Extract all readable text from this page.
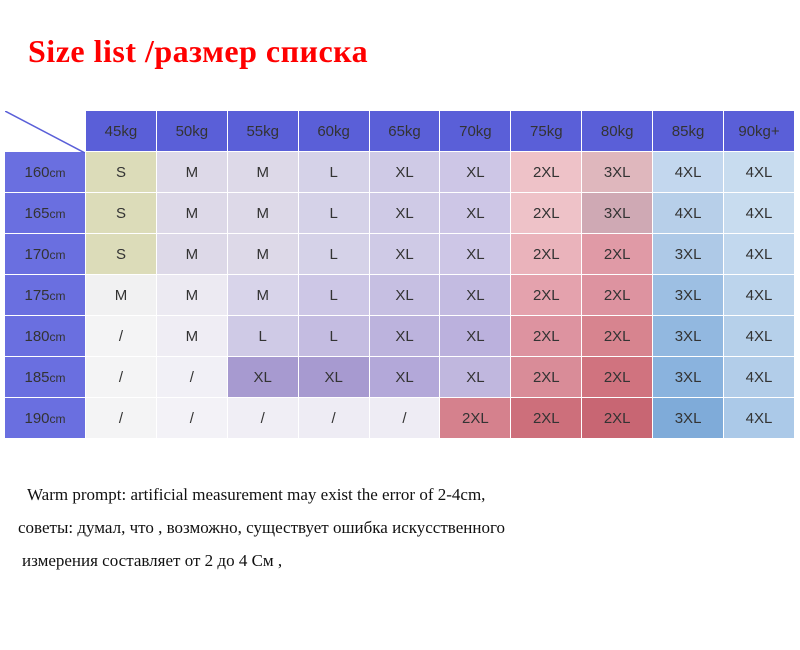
Size list /размер списка
	45kg	50kg	55kg	60kg	65kg	70kg	75kg	80kg	85kg	90kg+
160cm	S	M	M	L	XL	XL	2XL	3XL	4XL	4XL
165cm	S	M	M	L	XL	XL	2XL	3XL	4XL	4XL
170cm	S	M	M	L	XL	XL	2XL	2XL	3XL	4XL
175cm	M	M	M	L	XL	XL	2XL	2XL	3XL	4XL
180cm	/	M	L	L	XL	XL	2XL	2XL	3XL	4XL
185cm	/	/	XL	XL	XL	XL	2XL	2XL	3XL	4XL
190cm	/	/	/	/	/	2XL	2XL	2XL	3XL	4XL
Warm prompt: artificial measurement may exist the error of 2-4cm,
советы: думал, что , возможно, существует ошибка искусственного
измерения составляет от 2 до 4 См ,
